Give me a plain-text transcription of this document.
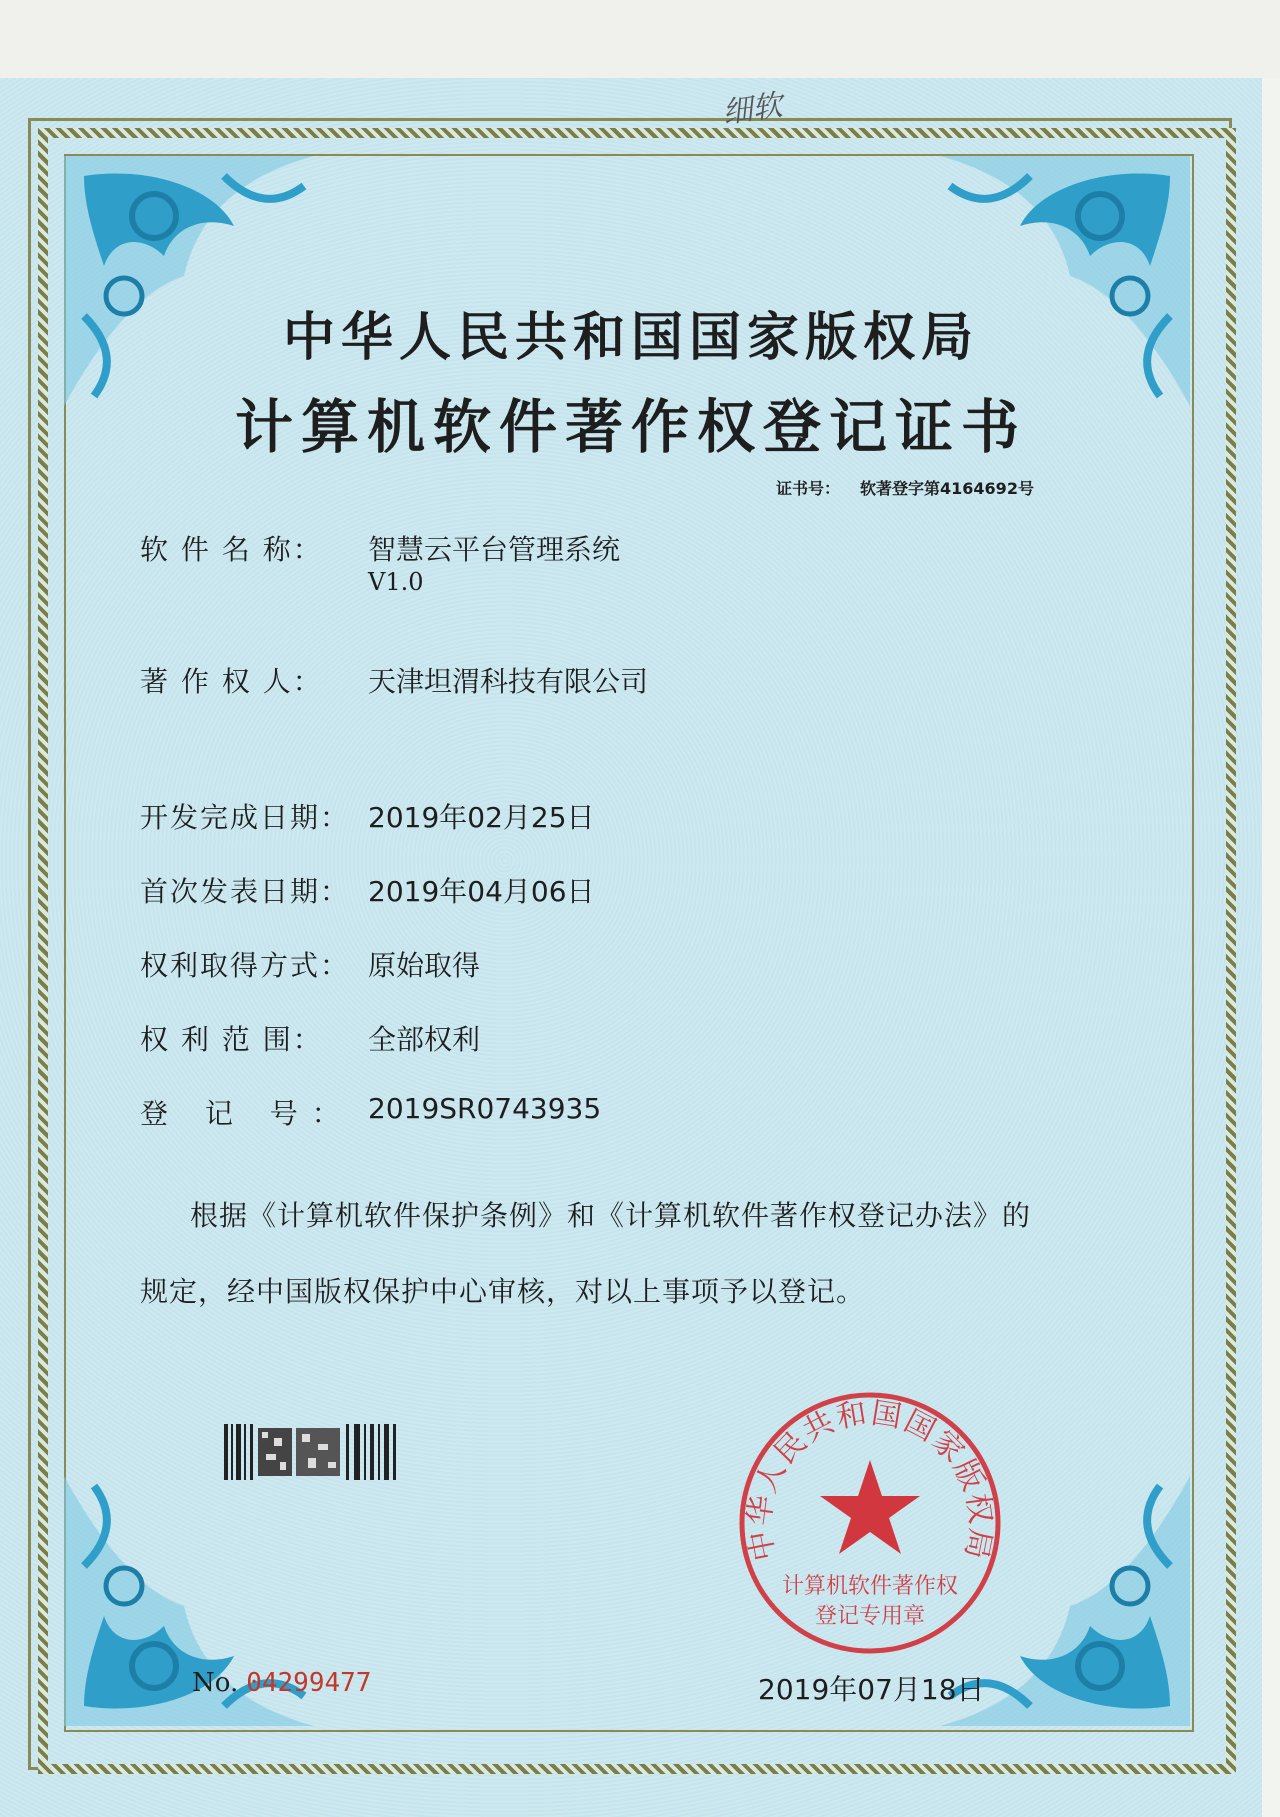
中华人民共和国国家版权局
计算机软件著作权登记证书
证书号： 软著登字第4164692号
软 件 名 称： 智慧云平台管理系统
V1.0
著 作 权 人： 天津坦渭科技有限公司
开发完成日期： 2019年02月25日
首次发表日期： 2019年04月06日
权利取得方式： 原始取得
权 利 范 围： 全部权利
登 记 号： 2019SR0743935
根据《计算机软件保护条例》和《计算机软件著作权登记办法》的
规定，经中国版权保护中心审核，对以上事项予以登记。
中华人民共和国国家版权局
计算机软件著作权
登记专用章
No. 04299477	2019年07月18日
细软
